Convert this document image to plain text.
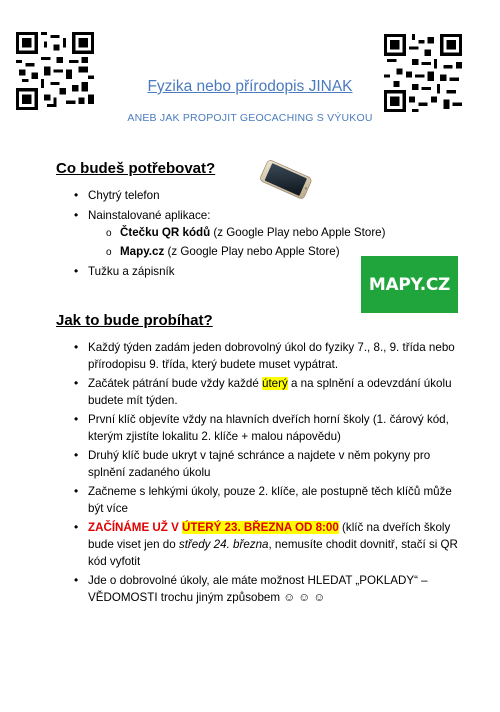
Fyzika nebo přírodopis JINAK
ANEB JAK PROPOJIT GEOCACHING S VÝUKOU
Co budeš potřebovat?
• Chytrý telefon
• Nainstalované aplikace:
o Čtečku QR kódů (z Google Play nebo Apple Store)
o Mapy.cz (z Google Play nebo Apple Store)
• Tužku a zápisník
MAPY.CZ
Jak to bude probíhat?
• Každý týden zadám jeden dobrovolný úkol do fyziky 7., 8., 9. třída nebo přírodopisu 9. třída, který budete muset vypátrat.
• Začátek pátrání bude vždy každé úterý a na splnění a odevzdání úkolu budete mít týden.
• První klíč objevíte vždy na hlavních dveřích horní školy (1. čárový kód, kterým zjistíte lokalitu 2. klíče + malou nápovědu)
• Druhý klíč bude ukryt v tajné schránce a najdete v něm pokyny pro splnění zadaného úkolu
• Začneme s lehkými úkoly, pouze 2. klíče, ale postupně těch klíčů může být více
• ZAČÍNÁME UŽ V ÚTERÝ 23. BŘEZNA OD 8:00 (klíč na dveřích školy bude viset jen do středy 24. března, nemusíte chodit dovnitř, stačí si QR kód vyfotit
• Jde o dobrovolné úkoly, ale máte možnost HLEDAT „POKLADY“ – VĚDOMOSTI trochu jiným způsobem ☺ ☺ ☺
